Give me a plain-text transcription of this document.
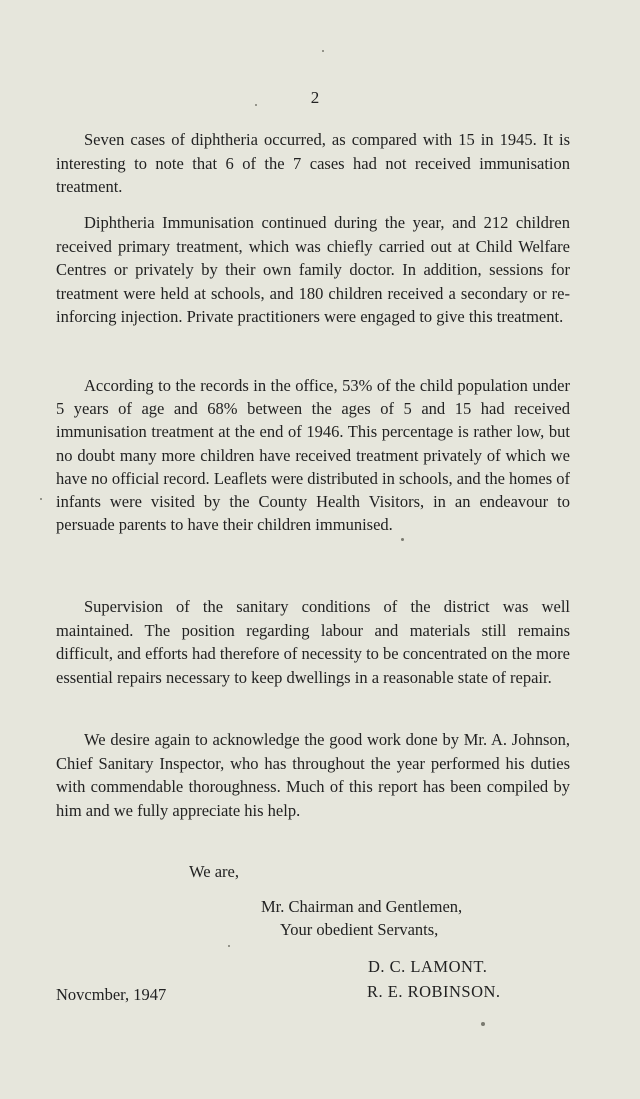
2

Seven cases of diphtheria occurred, as compared with 15 in 1945. It is interesting to note that 6 of the 7 cases had not received immunisation treatment.

Diphtheria Immunisation continued during the year, and 212 children received primary treatment, which was chiefly carried out at Child Welfare Centres or privately by their own family doctor. In addition, sessions for treatment were held at schools, and 180 children received a secondary or re-inforcing injection. Private practitioners were engaged to give this treatment.

According to the records in the office, 53% of the child population under 5 years of age and 68% between the ages of 5 and 15 had received immunisation treatment at the end of 1946. This percentage is rather low, but no doubt many more children have received treatment privately of which we have no official record. Leaflets were distributed in schools, and the homes of infants were visited by the County Health Visitors, in an endeavour to persuade parents to have their children immunised.

Supervision of the sanitary conditions of the district was well maintained. The position regarding labour and materials still remains difficult, and efforts had therefore of necessity to be concentrated on the more essential repairs necessary to keep dwellings in a reasonable state of repair.

We desire again to acknowledge the good work done by Mr. A. Johnson, Chief Sanitary Inspector, who has throughout the year performed his duties with commendable thoroughness. Much of this report has been compiled by him and we fully appreciate his help.

We are,
Mr. Chairman and Gentlemen,
Your obedient Servants,
D. C. LAMONT.
R. E. ROBINSON.
Novcmber, 1947
